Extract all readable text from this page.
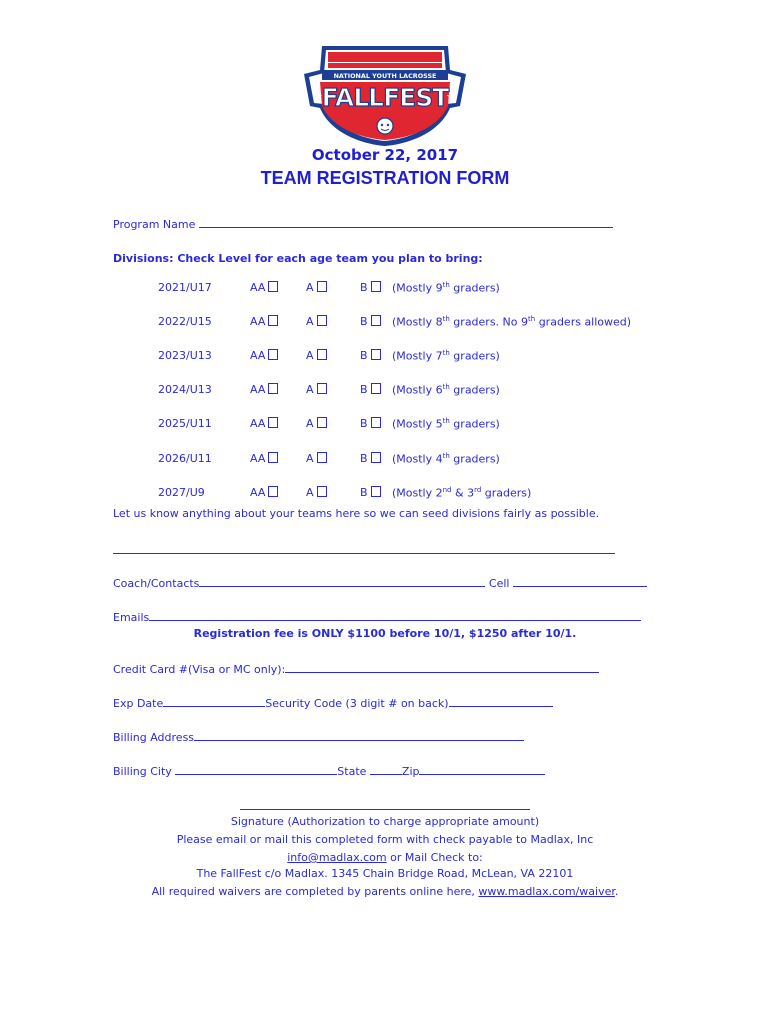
NATIONAL YOUTH LACROSSE
★	★
FALLFEST
October 22, 2017
TEAM REGISTRATION FORM
Program Name
Divisions: Check Level for each age team you plan to bring:
2021/U17	AA	A	B	(Mostly 9th graders)
2022/U15	AA	A	B	(Mostly 8th graders. No 9th graders allowed)
2023/U13	AA	A	B	(Mostly 7th graders)
2024/U13	AA	A	B	(Mostly 6th graders)
2025/U11	AA	A	B	(Mostly 5th graders)
2026/U11	AA	A	B	(Mostly 4th graders)
2027/U9	AA	A	B	(Mostly 2nd & 3rd graders)
Let us know anything about your teams here so we can seed divisions fairly as possible.
Coach/Contacts	Cell
Emails
Registration fee is ONLY $1100 before 10/1, $1250 after 10/1.
Credit Card #(Visa or MC only):
Exp Date	Security Code (3 digit # on back)
Billing Address
Billing City	State	Zip
Signature (Authorization to charge appropriate amount)
Please email or mail this completed form with check payable to Madlax, Inc
info@madlax.com or Mail Check to:
The FallFest c/o Madlax. 1345 Chain Bridge Road, McLean, VA 22101
All required waivers are completed by parents online here, www.madlax.com/waiver.
